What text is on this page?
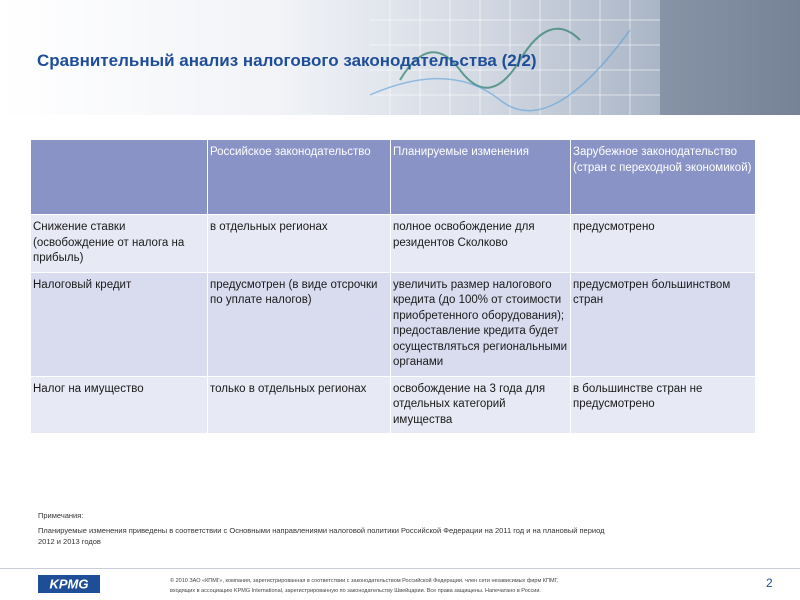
Сравнительный анализ налогового законодательства (2/2)
	Российское законодательство	Планируемые изменения	Зарубежное законодательство (стран с переходной экономикой)
Снижение ставки (освобождение от налога на прибыль)	в отдельных регионах	полное освобождение для резидентов Сколково	предусмотрено
Налоговый кредит	предусмотрен (в виде отсрочки по уплате налогов)	увеличить размер налогового кредита (до 100% от стоимости приобретенного оборудования); предоставление кредита будет осуществляться региональными органами	предусмотрен большинством стран
Налог на имущество	только в отдельных регионах	освобождение на 3 года для отдельных категорий имущества	в большинстве стран не предусмотрено
Примечания:
Планируемые изменения приведены в соответствии с Основными направлениями налоговой политики Российской Федерации на 2011 год и на плановый период 2012 и 2013 годов
KPMG	© 2010 ЗАО «КПМГ», компания, зарегистрированная в соответствии с законодательством Российской Федерации, член сети независимых фирм КПМГ,
входящих в ассоциацию KPMG International, зарегистрированную по законодательству Швейцарии. Все права защищены. Напечатано в России.
2
